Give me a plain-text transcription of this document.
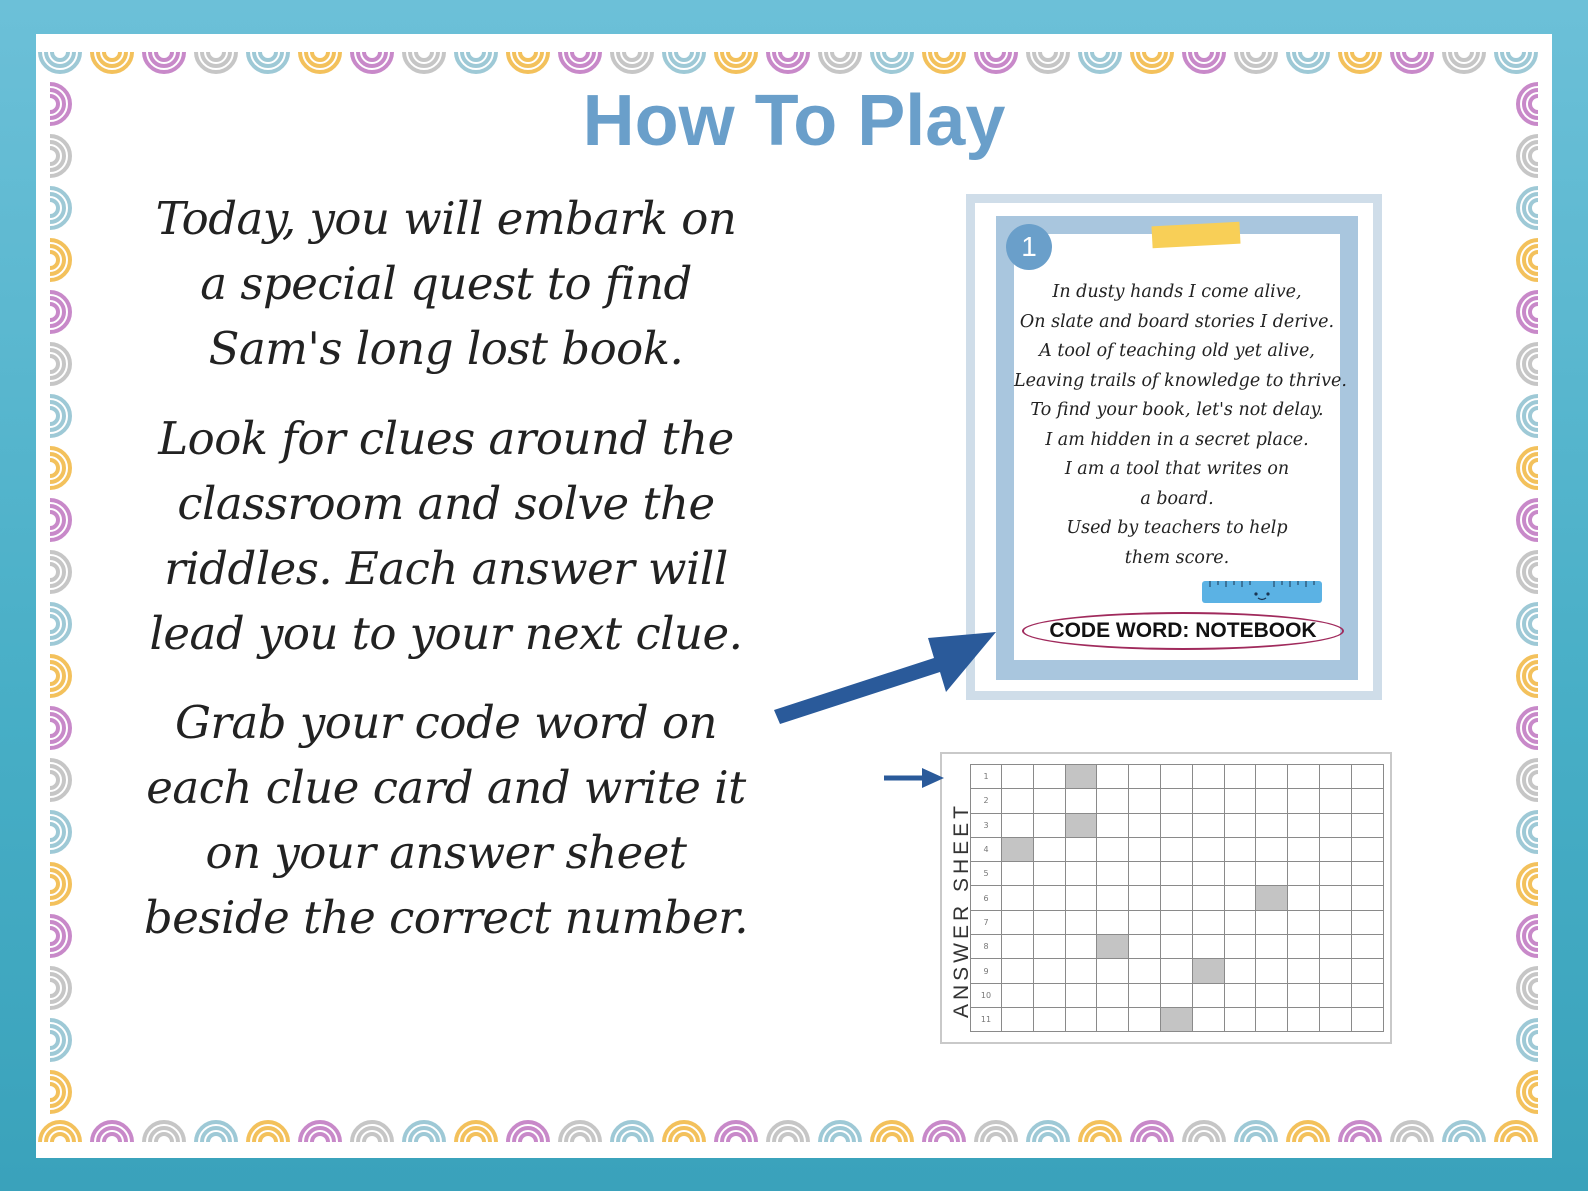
How To Play

Today, you will embark on a special quest to find Sam's long lost book.

Look for clues around the classroom and solve the riddles. Each answer will lead you to your next clue.

Grab your code word on each clue card and write it on your answer sheet beside the correct number.

1
In dusty hands I come alive,
On slate and board stories I derive.
A tool of teaching old yet alive,
Leaving trails of knowledge to thrive.
To find your book, let's not delay.
I am hidden in a secret place.
I am a tool that writes on
a board.
Used by teachers to help
them score.
CODE WORD: NOTEBOOK
ANSWER SHEET
1												
2												
3												
4												
5												
6												
7												
8												
9												
10												
11												
